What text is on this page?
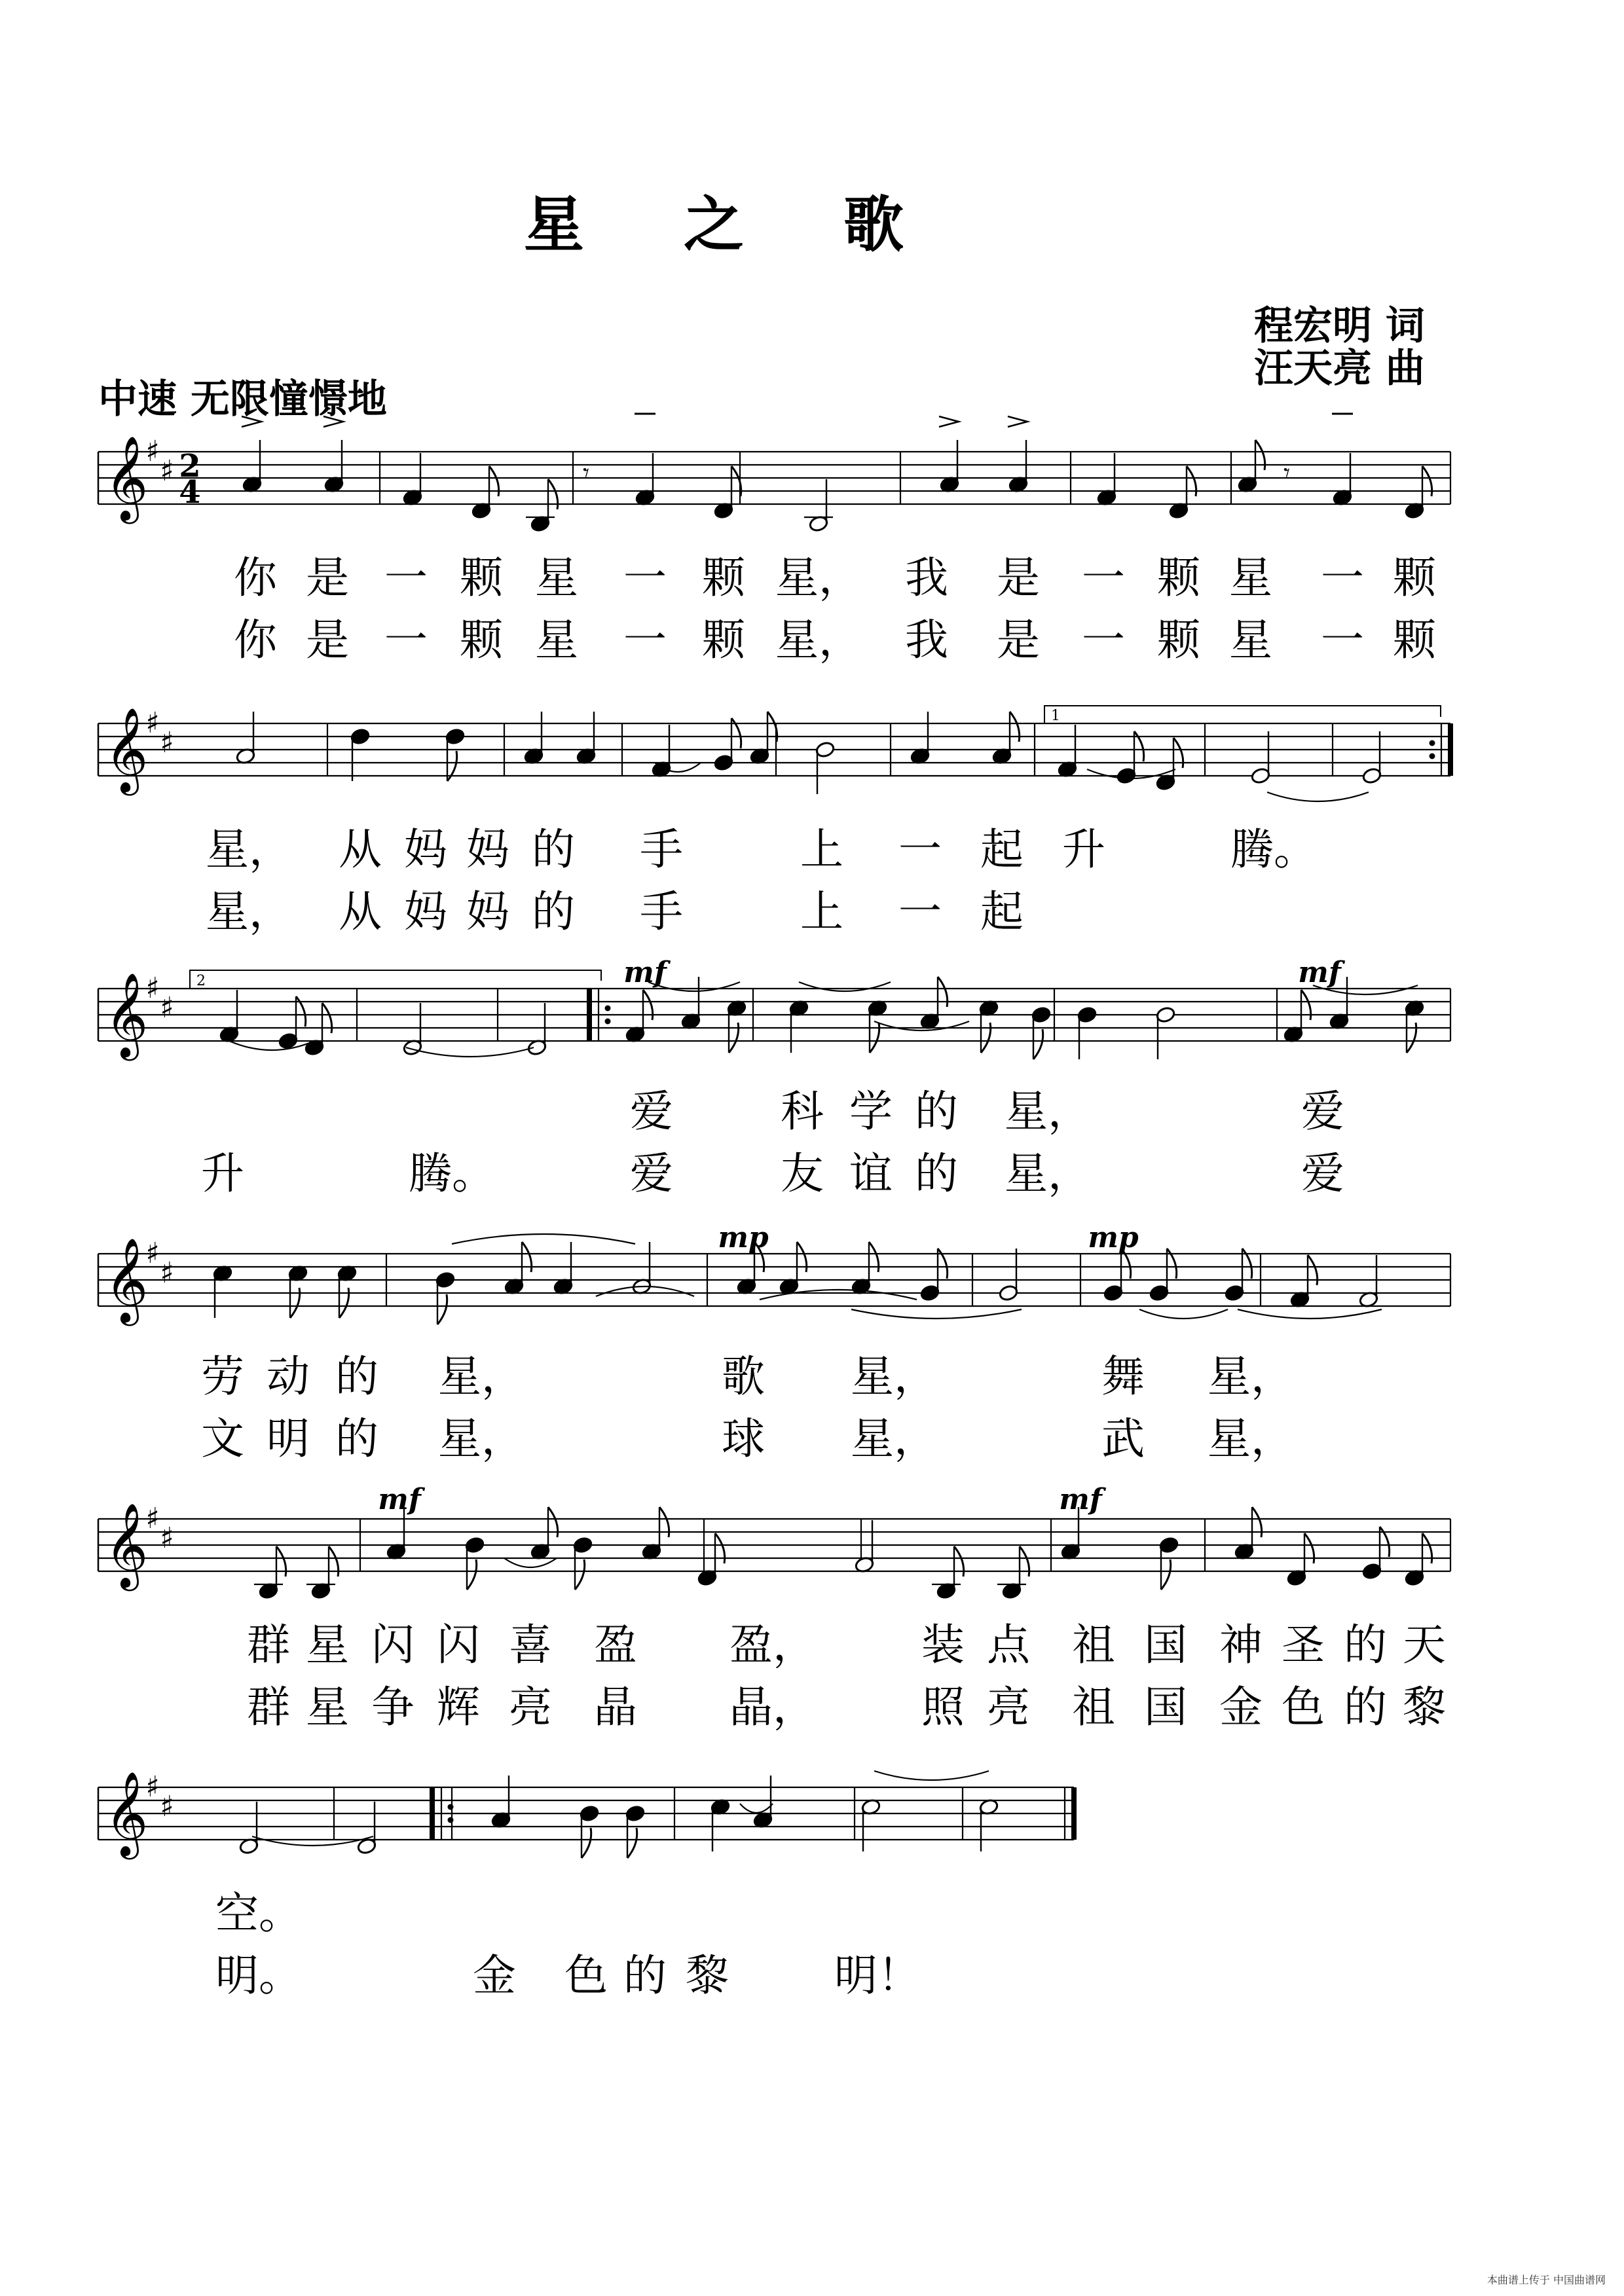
星 之 歌
程宏明 词
汪天亮 曲
中速 无限憧憬地
𝄞
♯
♯ 2
4
𝄞
♯
♯
𝄞
♯
♯
𝄞
♯
♯
𝄞
♯
♯
𝄞
♯
♯
𝄾	𝄾
1
2	mf	mf
mp	mp
mf	mf
你 是 一 颗 星 一 颗 星， 我 是 一 颗 星 一 颗
你 是 一 颗 星 一 颗 星， 我 是 一 颗 星 一 颗
星， 从 妈 妈 的 手	上 一 起 升	腾。
星， 从 妈 妈 的 手	上 一 起
爱 科 学 的 星，	爱
升	腾。	爱 友 谊 的 星，	爱
劳 动 的 星，	歌 星，	舞 星，
文 明 的 星，	球 星，	武 星，
群 星 闪 闪 喜 盈 盈， 装 点 祖 国 神 圣 的 天
群 星 争 辉 亮 晶 晶， 照 亮 祖 国 金 色 的 黎
空。
明。	金 色 的 黎 明！
本曲谱上传于 中国曲谱网
